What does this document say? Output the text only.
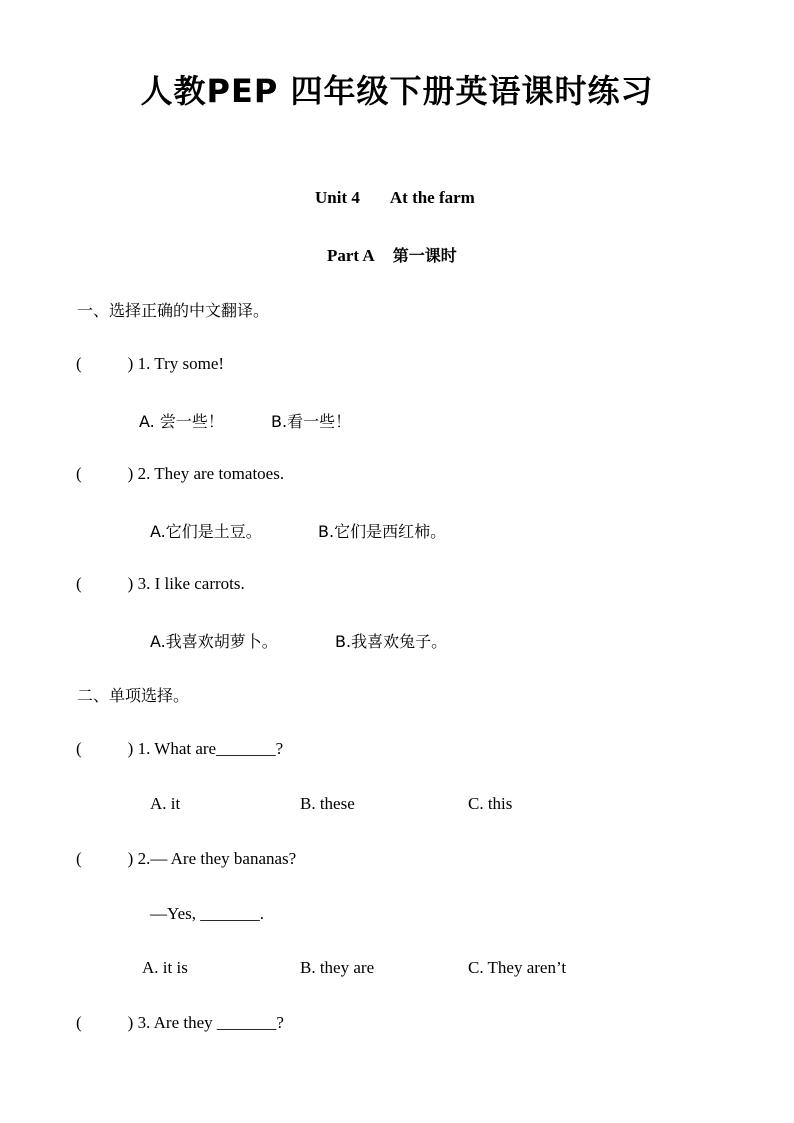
人教PEP 四年级下册英语课时练习
Unit 4 At the farm
Part A 第一课时
一、选择正确的中文翻译。
(	) 1. Try some!
A. 尝一些！	B.看一些！
(	) 2. They are tomatoes.
A.它们是土豆。	B.它们是西红柿。
(	) 3. I like carrots.
A.我喜欢胡萝卜。	B.我喜欢兔子。
二、单项选择。
(	) 1. What are_______?
A. it	B. these	C. this
(	) 2.— Are they bananas?
—Yes, _______.
A. it is	B. they are	C. They aren’t
(	) 3. Are they _______?
